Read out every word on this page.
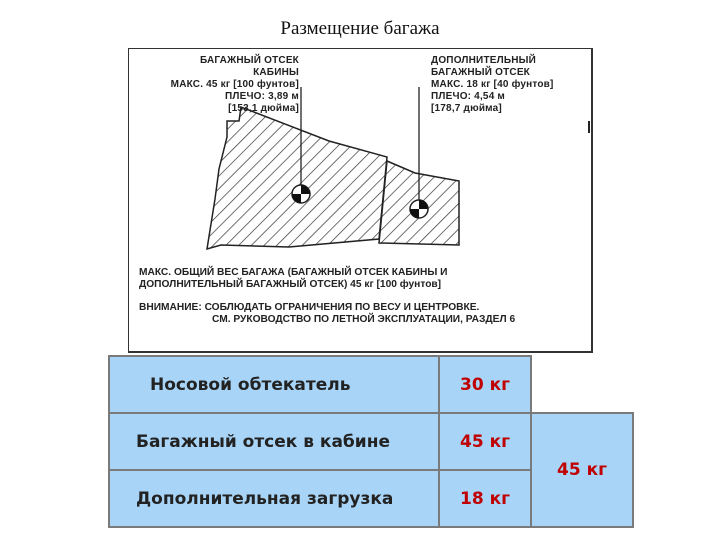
Размещение багажа
БАГАЖНЫЙ ОТСЕК
КАБИНЫ
МАКС. 45 кг [100 фунтов]
ПЛЕЧО: 3,89 м
[153,1 дюйма]
ДОПОЛНИТЕЛЬНЫЙ
БАГАЖНЫЙ ОТСЕК
МАКС. 18 кг [40 фунтов]
ПЛЕЧО: 4,54 м
[178,7 дюйма]
МАКС. ОБЩИЙ ВЕС БАГАЖА (БАГАЖНЫЙ ОТСЕК КАБИНЫ И
ДОПОЛНИТЕЛЬНЫЙ БАГАЖНЫЙ ОТСЕК) 45 кг [100 фунтов]
ВНИМАНИЕ: СОБЛЮДАТЬ ОГРАНИЧЕНИЯ ПО ВЕСУ И ЦЕНТРОВКЕ.
СМ. РУКОВОДСТВО ПО ЛЕТНОЙ ЭКСПЛУАТАЦИИ, РАЗДЕЛ 6
Носовой обтекатель	30 кг	

Багажный отсек в кабине	45 кг	45 кг

Дополнительная загрузка	18 кг	
